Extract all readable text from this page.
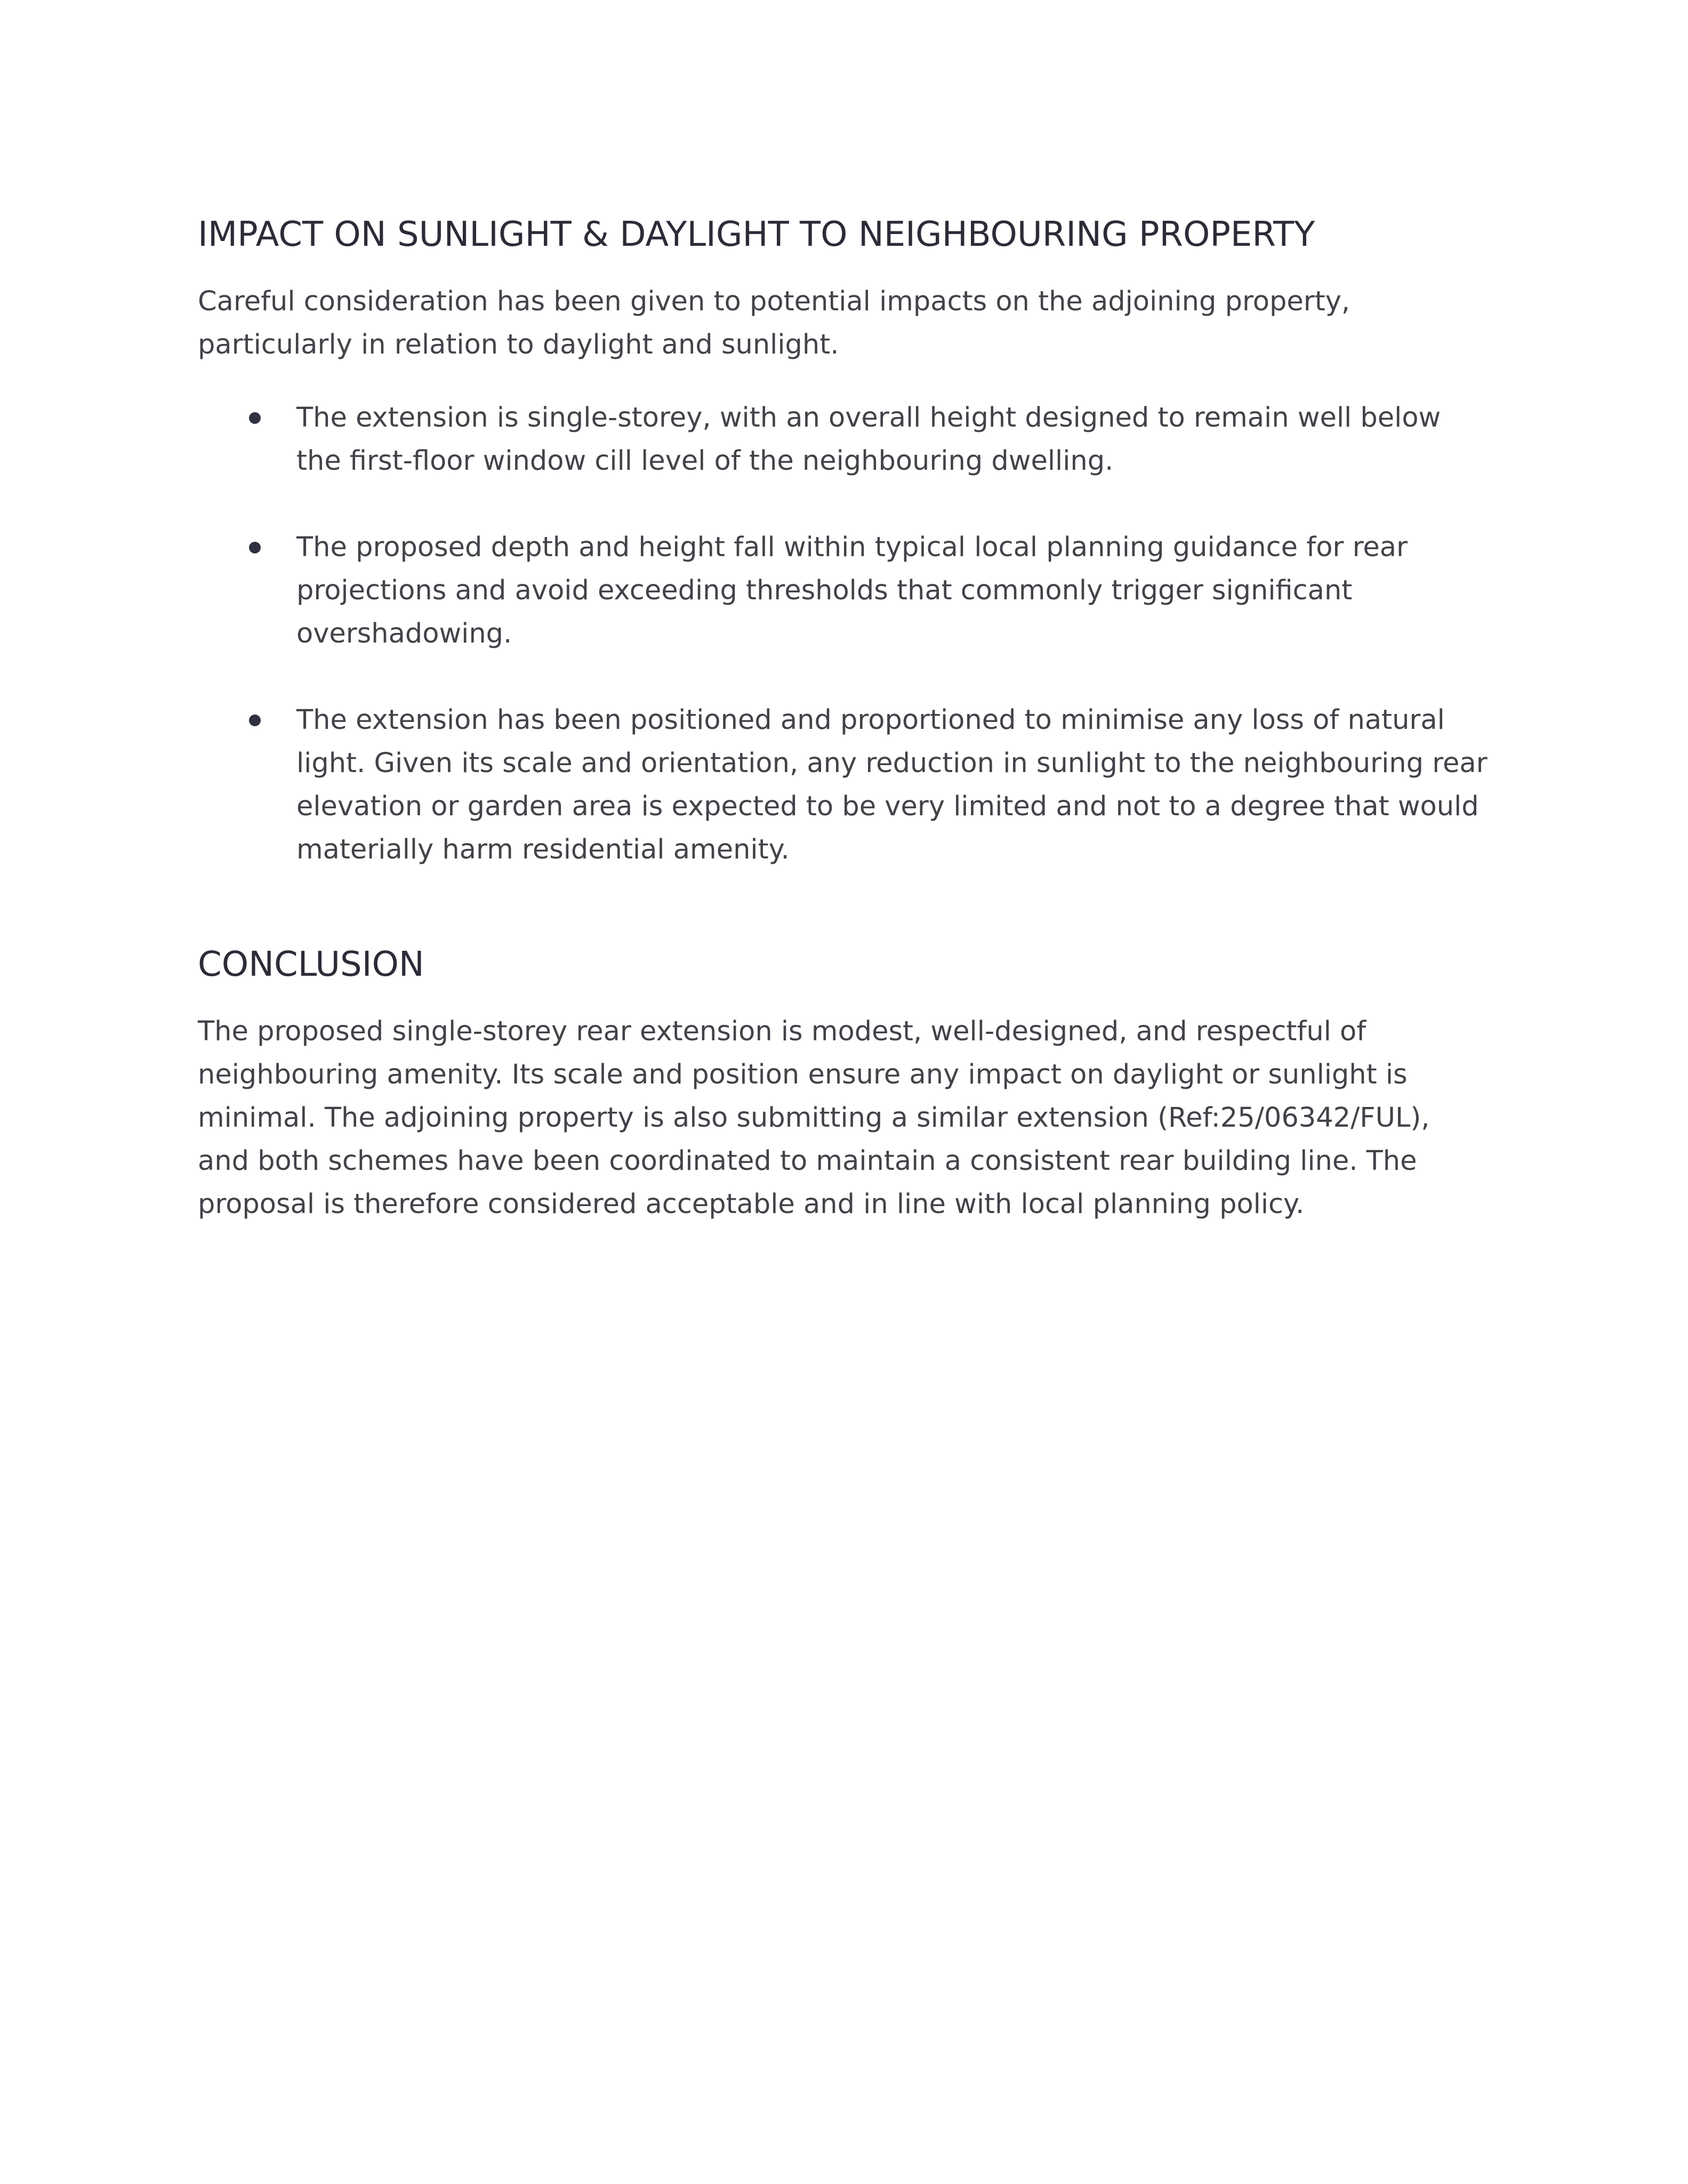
IMPACT ON SUNLIGHT & DAYLIGHT TO NEIGHBOURING PROPERTY

Careful consideration has been given to potential impacts on the adjoining property, particularly in relation to daylight and sunlight.

The extension is single-storey, with an overall height designed to remain well below the first-floor window cill level of the neighbouring dwelling.

The proposed depth and height fall within typical local planning guidance for rear projections and avoid exceeding thresholds that commonly trigger significant overshadowing.

The extension has been positioned and proportioned to minimise any loss of natural light. Given its scale and orientation, any reduction in sunlight to the neighbouring rear elevation or garden area is expected to be very limited and not to a degree that would materially harm residential amenity.

CONCLUSION

The proposed single-storey rear extension is modest, well-designed, and respectful of neighbouring amenity. Its scale and position ensure any impact on daylight or sunlight is minimal. The adjoining property is also submitting a similar extension (Ref:25/06342/FUL), and both schemes have been coordinated to maintain a consistent rear building line. The proposal is therefore considered acceptable and in line with local planning policy.
